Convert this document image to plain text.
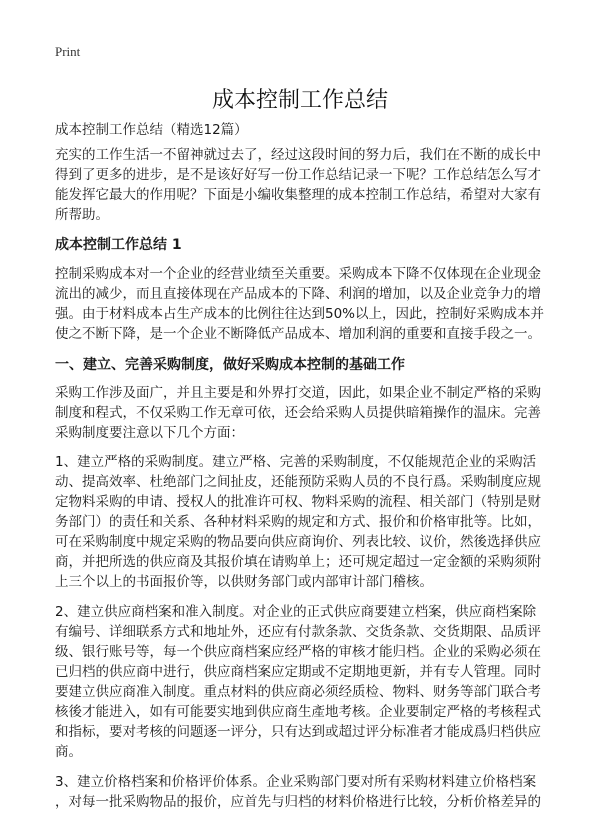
Print
成本控制工作总结
成本控制工作总结（精选12篇）
充实的工作生活一不留神就过去了，经过这段时间的努力后，我们在不断的成长中
得到了更多的进步，是不是该好好写一份工作总结记录一下呢？工作总结怎么写才
能发挥它最大的作用呢？下面是小编收集整理的成本控制工作总结，希望对大家有
所帮助。
成本控制工作总结 1
控制采购成本对一个企业的经营业绩至关重要。采购成本下降不仅体现在企业现金
流出的减少，而且直接体现在产品成本的下降、利润的增加，以及企业竞争力的增
强。由于材料成本占生产成本的比例往往达到50%以上，因此，控制好采购成本并
使之不断下降，是一个企业不断降低产品成本、增加利润的重要和直接手段之一。
一、建立、完善采购制度，做好采购成本控制的基础工作
采购工作涉及面广，并且主要是和外界打交道，因此，如果企业不制定严格的采购
制度和程式，不仅采购工作无章可依，还会给采购人员提供暗箱操作的温床。完善
采购制度要注意以下几个方面：
1、建立严格的采购制度。建立严格、完善的采购制度，不仅能规范企业的采购活
动、提高效率、杜绝部门之间扯皮，还能预防采购人员的不良行爲。采购制度应规
定物料采购的申请、授权人的批准许可权、物料采购的流程、相关部门（特别是财
务部门）的责任和关系、各种材料采购的规定和方式、报价和价格审批等。比如，
可在采购制度中规定采购的物品要向供应商询价、列表比较、议价，然後选择供应
商，并把所选的供应商及其报价填在请购单上；还可规定超过一定金额的采购须附
上三个以上的书面报价等，以供财务部门或内部审计部门稽核。
2、建立供应商档案和准入制度。对企业的正式供应商要建立档案，供应商档案除
有编号、详细联系方式和地址外，还应有付款条款、交货条款、交货期限、品质评
级、银行账号等，每一个供应商档案应经严格的审核才能归档。企业的采购必须在
已归档的供应商中进行，供应商档案应定期或不定期地更新，并有专人管理。同时
要建立供应商准入制度。重点材料的供应商必须经质检、物料、财务等部门联合考
核後才能进入，如有可能要实地到供应商生產地考核。企业要制定严格的考核程式
和指标，要对考核的问题逐一评分，只有达到或超过评分标准者才能成爲归档供应
商。
3、建立价格档案和价格评价体系。企业采购部门要对所有采购材料建立价格档案
，对每一批采购物品的报价，应首先与归档的材料价格进行比较，分析价格差异的
